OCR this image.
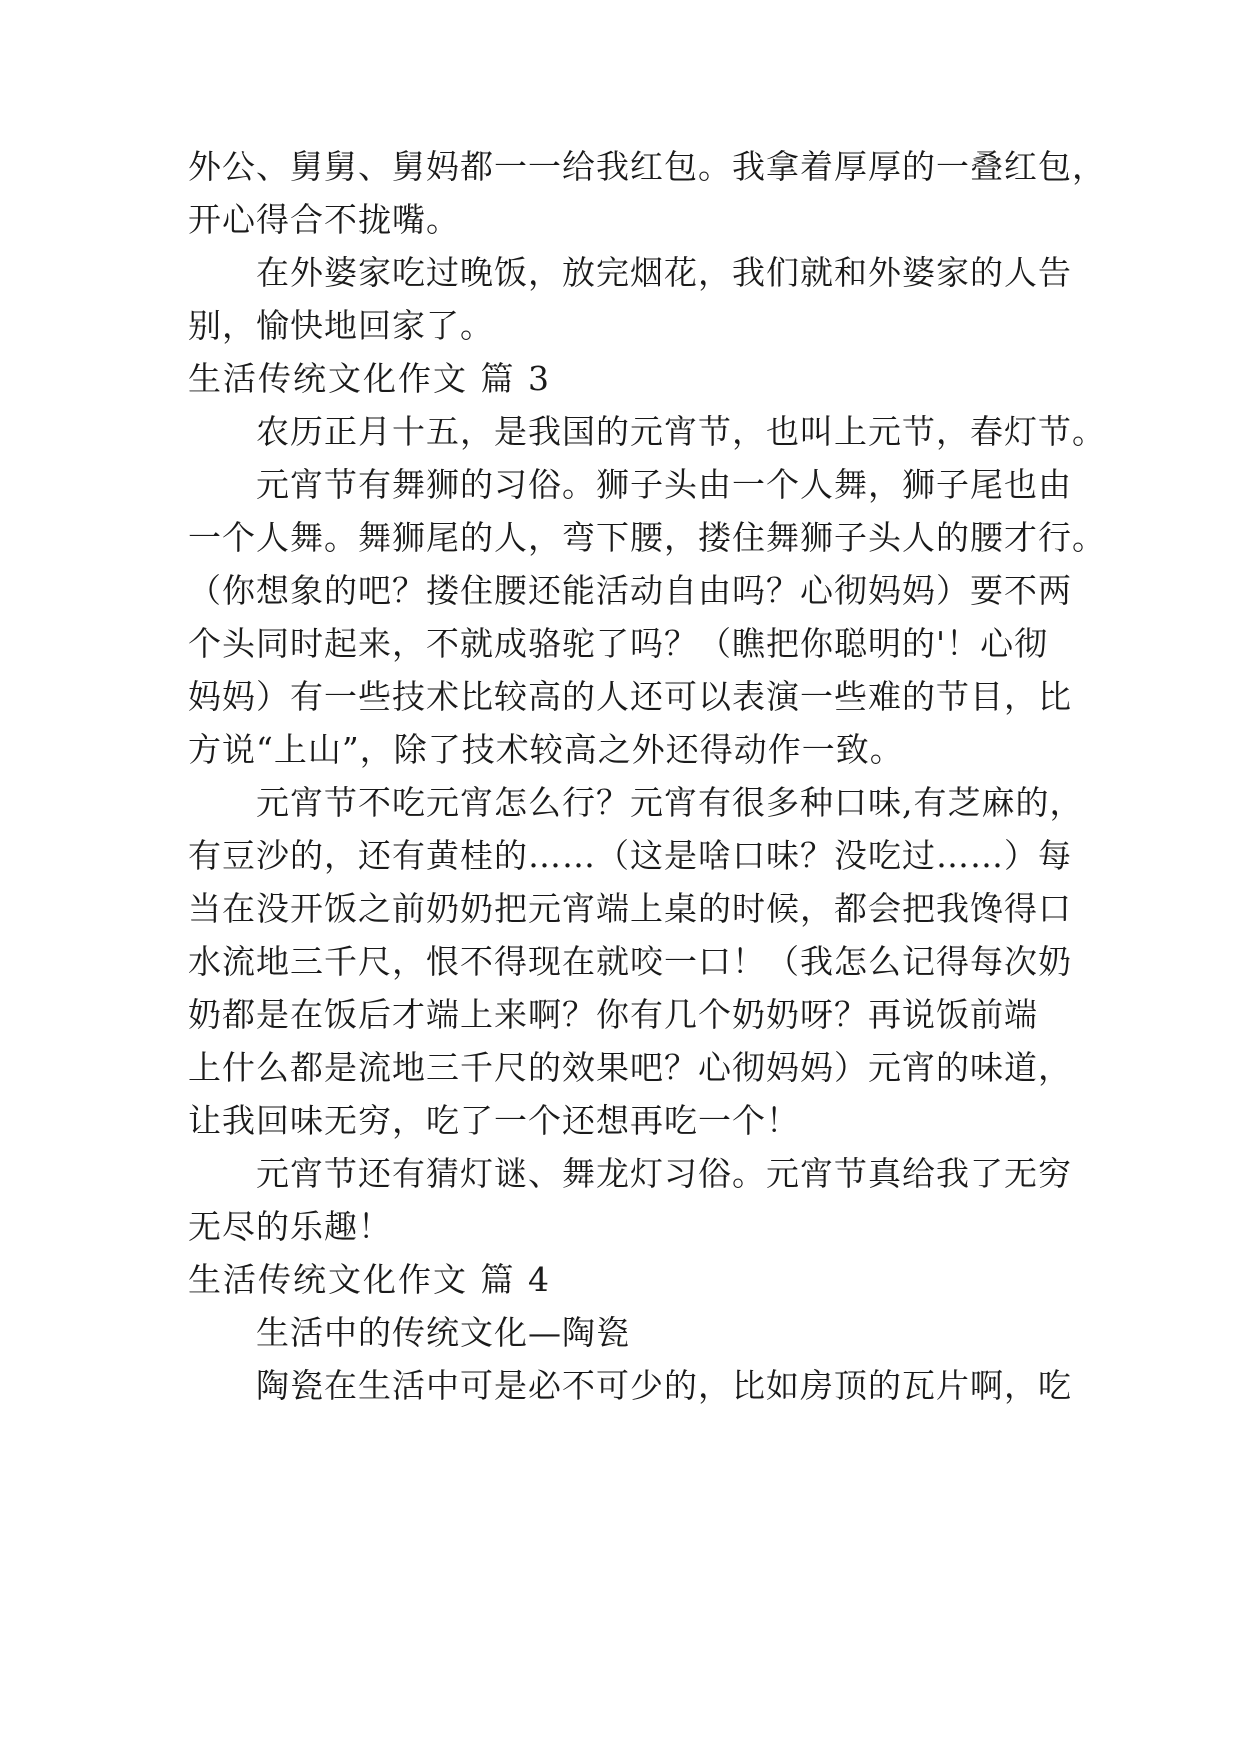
外公、舅舅、舅妈都一一给我红包。我拿着厚厚的一叠红包，
开心得合不拢嘴。
在外婆家吃过晚饭，放完烟花，我们就和外婆家的人告
别，愉快地回家了。
生活传统文化作文 篇 3
农历正月十五，是我国的元宵节，也叫上元节，春灯节。
元宵节有舞狮的习俗。狮子头由一个人舞，狮子尾也由
一个人舞。舞狮尾的人，弯下腰，搂住舞狮子头人的腰才行。
（你想象的吧？搂住腰还能活动自由吗？心彻妈妈）要不两
个头同时起来，不就成骆驼了吗？（瞧把你聪明的'！心彻
妈妈）有一些技术比较高的人还可以表演一些难的节目，比
方说“上山”，除了技术较高之外还得动作一致。
元宵节不吃元宵怎么行？元宵有很多种口味,有芝麻的，
有豆沙的，还有黄桂的……（这是啥口味？没吃过……）每
当在没开饭之前奶奶把元宵端上桌的时候，都会把我馋得口
水流地三千尺，恨不得现在就咬一口！（我怎么记得每次奶
奶都是在饭后才端上来啊？你有几个奶奶呀？再说饭前端
上什么都是流地三千尺的效果吧？心彻妈妈）元宵的味道，
让我回味无穷，吃了一个还想再吃一个！
元宵节还有猜灯谜、舞龙灯习俗。元宵节真给我了无穷
无尽的乐趣！
生活传统文化作文 篇 4
生活中的传统文化—陶瓷
陶瓷在生活中可是必不可少的，比如房顶的瓦片啊，吃
